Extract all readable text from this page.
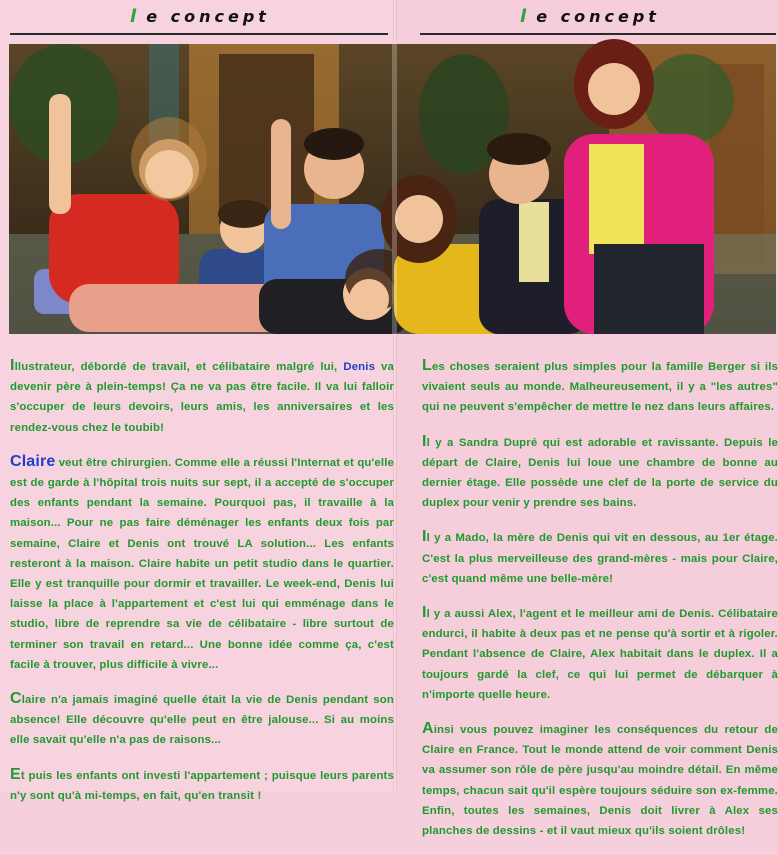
l e concept	l e concept

Illustrateur, débordé de travail, et célibataire malgré lui, Denis va devenir père à plein-temps! Ça ne va pas être facile. Il va lui falloir s'occuper de leurs devoirs, leurs amis, les anniversaires et les rendez-vous chez le toubib!

Claire veut être chirurgien. Comme elle a réussi l'Internat et qu'elle est de garde à l'hôpital trois nuits sur sept, il a accepté de s'occuper des enfants pendant la semaine. Pourquoi pas, il travaille à la maison... Pour ne pas faire déménager les enfants deux fois par semaine, Claire et Denis ont trouvé LA solution... Les enfants resteront à la maison. Claire habite un petit studio dans le quartier. Elle y est tranquille pour dormir et travailler. Le week-end, Denis lui laisse la place à l'appartement et c'est lui qui emménage dans le studio, libre de reprendre sa vie de célibataire - libre surtout de terminer son travail en retard... Une bonne idée comme ça, c'est facile à trouver, plus difficile à vivre...

Claire n'a jamais imaginé quelle était la vie de Denis pendant son absence! Elle découvre qu'elle peut en être jalouse... Si au moins elle savait qu'elle n'a pas de raisons...

Et puis les enfants ont investi l'appartement ; puisque leurs parents n'y sont qu'à mi-temps, en fait, qu'en transit !

Les choses seraient plus simples pour la famille Berger si ils vivaient seuls au monde. Malheureusement, il y a "les autres" qui ne peuvent s'empêcher de mettre le nez dans leurs affaires.

Il y a Sandra Dupré qui est adorable et ravissante. Depuis le départ de Claire, Denis lui loue une chambre de bonne au dernier étage. Elle possède une clef de la porte de service du duplex pour venir y prendre ses bains.

Il y a Mado, la mère de Denis qui vit en dessous, au 1er étage. C'est la plus merveilleuse des grand-mères - mais pour Claire, c'est quand même une belle-mère!

Il y a aussi Alex, l'agent et le meilleur ami de Denis. Célibataire endurci, il habite à deux pas et ne pense qu'à sortir et à rigoler. Pendant l'absence de Claire, Alex habitait dans le duplex. Il a toujours gardé la clef, ce qui lui permet de débarquer à n'importe quelle heure.

Ainsi vous pouvez imaginer les conséquences du retour de Claire en France. Tout le monde attend de voir comment Denis va assumer son rôle de père jusqu'au moindre détail. En même temps, chacun sait qu'il espère toujours séduire son ex-femme. Enfin, toutes les semaines, Denis doit livrer à Alex ses planches de dessins - et il vaut mieux qu'ils soient drôles!
